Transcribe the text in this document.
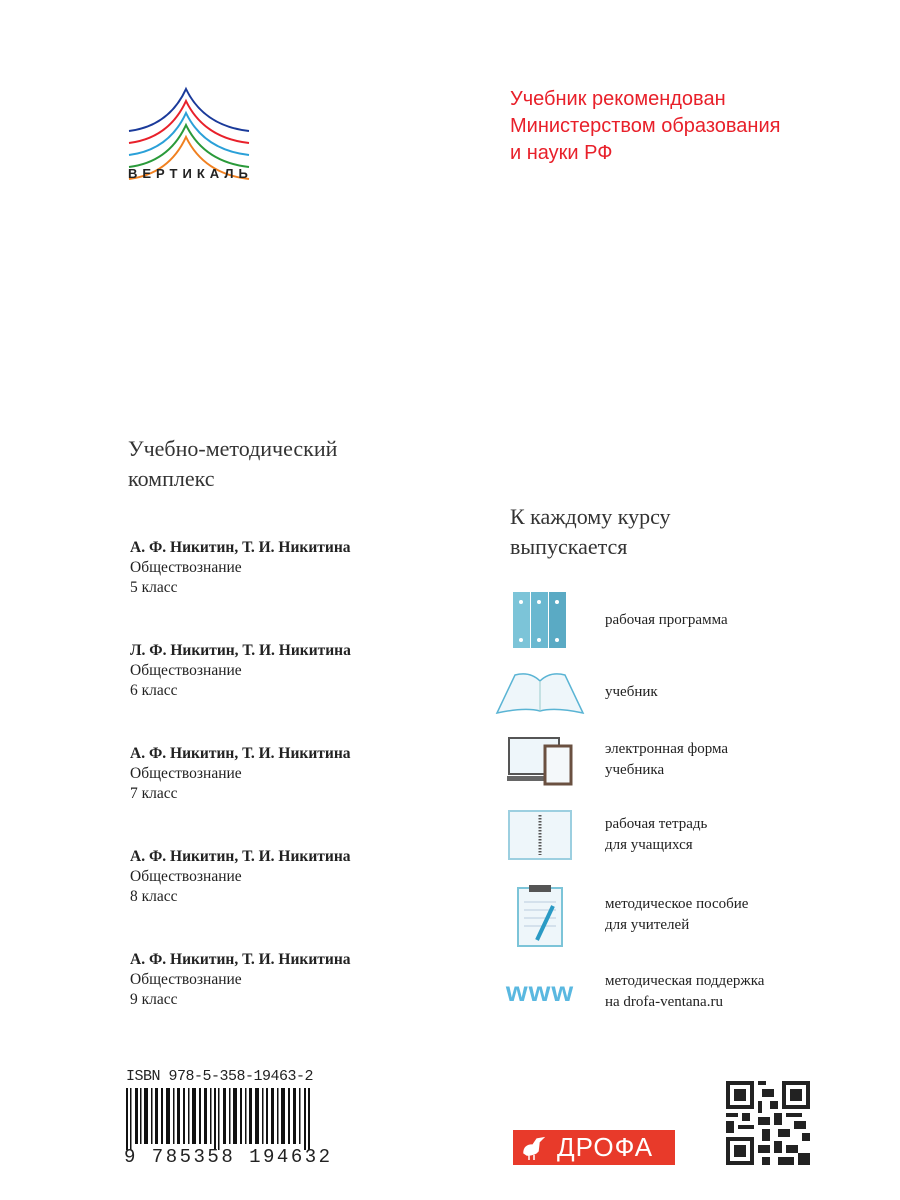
ВЕРТИКАЛЬ
Учебник рекомендован
Министерством образования
и науки РФ
Учебно-методический
комплекс
А. Ф. Никитин, Т. И. Никитина
Обществознание
5 класс
Л. Ф. Никитин, Т. И. Никитина
Обществознание
6 класс
А. Ф. Никитин, Т. И. Никитина
Обществознание
7 класс
А. Ф. Никитин, Т. И. Никитина
Обществознание
8 класс
А. Ф. Никитин, Т. И. Никитина
Обществознание
9 класс
К каждому курсу
выпускается
рабочая программа
учебник
электронная форма
учебника
рабочая тетрадь
для учащихся
методическое пособие
для учителей
www методическая поддержка
на drofa-ventana.ru
ISBN 978-5-358-19463-2
9 785358 194632	ДРОФА
